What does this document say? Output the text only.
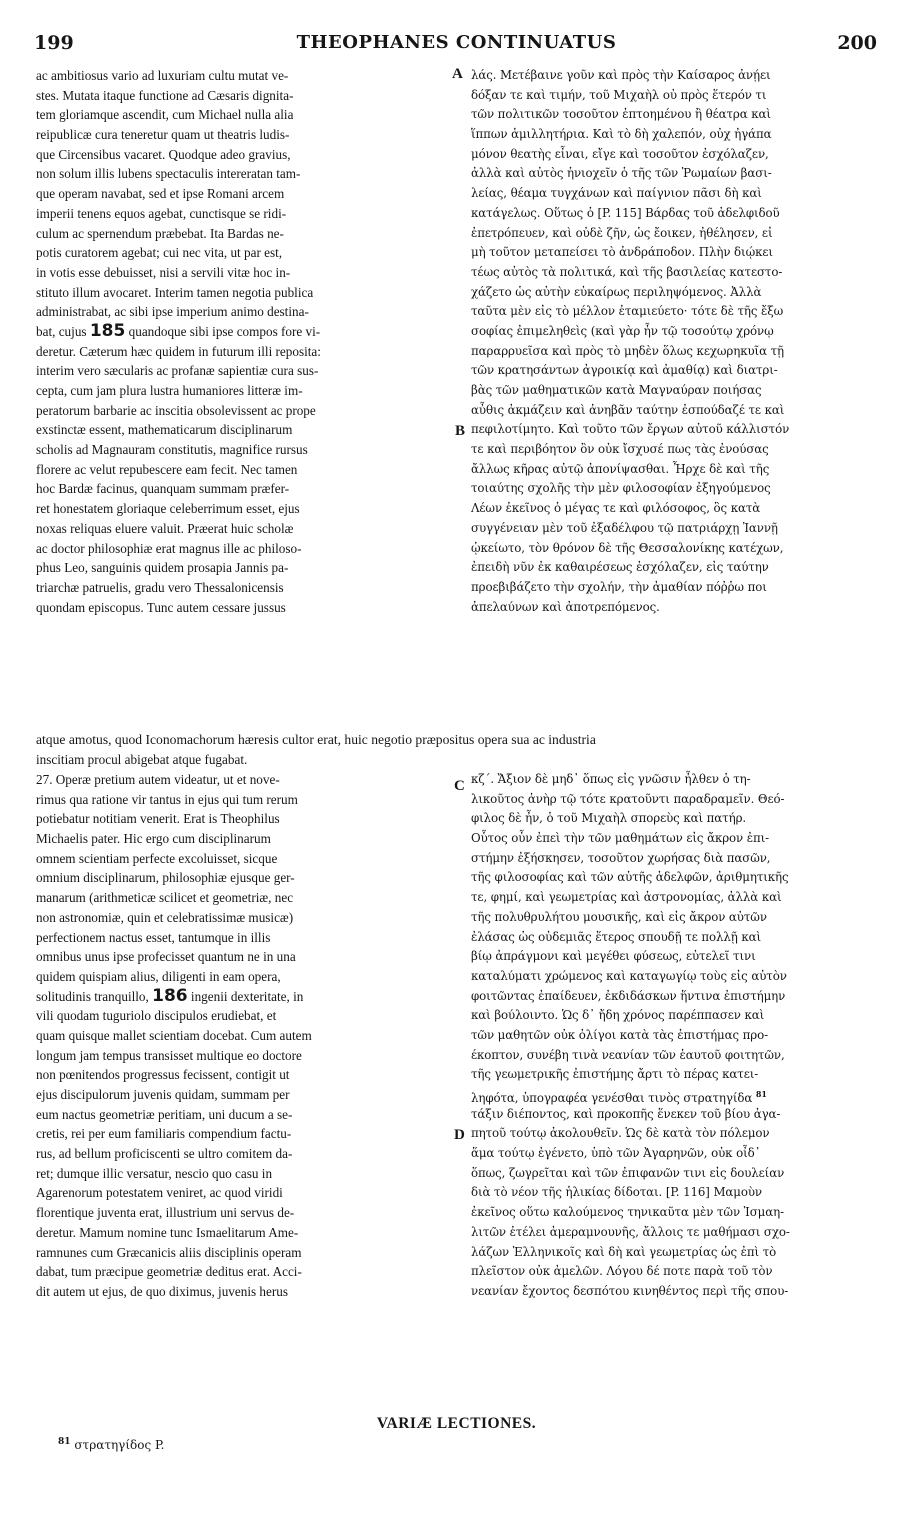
199	THEOPHANES CONTINUATUS	200
A
B
C
D
ac ambitiosus vario ad luxuriam cultu mutat ve-
stes. Mutata itaque functione ad Cæsaris dignita-
tem gloriamque ascendit, cum Michael nulla alia
reipublicæ cura teneretur quam ut theatris ludis-
que Circensibus vacaret. Quodque adeo gravius,
non solum illis lubens spectaculis intereratan tam-
que operam navabat, sed et ipse Romani arcem
imperii tenens equos agebat, cunctisque se ridi-
culum ac spernendum præbebat. Ita Bardas ne-
potis curatorem agebat; cui nec vita, ut par est,
in votis esse debuisset, nisi a servili vitæ hoc in-
stituto illum avocaret. Interim tamen negotia publica
administrabat, ac sibi ipse imperium animo destina-
bat, cujus 185 quandoque sibi ipse compos fore vi-
deretur. Cæterum hæc quidem in futurum illi reposita:
interim vero sæcularis ac profanæ sapientiæ cura sus-
cepta, cum jam plura lustra humaniores litteræ im-
peratorum barbarie ac inscitia obsolevissent ac prope
exstinctæ essent, mathematicarum disciplinarum
scholis ad Magnauram constitutis, magnifice rursus
florere ac velut repubescere eam fecit. Nec tamen
hoc Bardæ facinus, quanquam summam præfer-
ret honestatem gloriaque celeberrimum esset, ejus
noxas reliquas eluere valuit. Præerat huic scholæ
ac doctor philosophiæ erat magnus ille ac philoso-
phus Leo, sanguinis quidem prosapia Jannis pa-
triarchæ patruelis, gradu vero Thessalonicensis
quondam episcopus. Tunc autem cessare jussus
λάς. Μετέβαινε γοῦν καὶ πρὸς τὴν Καίσαρος ἀνῄει
δόξαν τε καὶ τιμήν, τοῦ Μιχαὴλ οὐ πρὸς ἕτερόν τι
τῶν πολιτικῶν τοσοῦτον ἐπτοημένου ἢ θέατρα καὶ
ἵππων ἁμιλλητήρια. Καὶ τὸ δὴ χαλεπόν, οὐχ ἠγάπα
μόνον θεατὴς εἶναι, εἴγε καὶ τοσοῦτον ἐσχόλαζεν,
ἀλλὰ καὶ αὐτὸς ἡνιοχεῖν ὁ τῆς τῶν Ῥωμαίων βασι-
λείας, θέαμα τυγχάνων καὶ παίγνιον πᾶσι δὴ καὶ
κατάγελως. Οὕτως ὁ [P. 115] Βάρδας τοῦ ἀδελφιδοῦ
ἐπετρόπευεν, καὶ οὐδὲ ζῆν, ὡς ἔοικεν, ἠθέλησεν, εἰ
μὴ τοῦτον μεταπείσει τὸ ἀνδράποδον. Πλὴν διῴκει
τέως αὐτὸς τὰ πολιτικά, καὶ τῆς βασιλείας κατεστο-
χάζετο ὡς αὐτὴν εὐκαίρως περιληψόμενος. Ἀλλὰ
ταῦτα μὲν εἰς τὸ μέλλον ἐταμιεύετο· τότε δὲ τῆς ἔξω
σοφίας ἐπιμεληθεὶς (καὶ γὰρ ἦν τῷ τοσούτῳ χρόνῳ
παραρρυεῖσα καὶ πρὸς τὸ μηδὲν ὅλως κεχωρηκυῖα τῇ
τῶν κρατησάντων ἀγροικίᾳ καὶ ἀμαθίᾳ) καὶ διατρι-
βὰς τῶν μαθηματικῶν κατὰ Μαγναύραν ποιήσας
αὖθις ἀκμάζειν καὶ ἀνηβᾶν ταύτην ἐσπούδαζέ τε καὶ
πεφιλοτίμητο. Καὶ τοῦτο τῶν ἔργων αὐτοῦ κάλλιστόν
τε καὶ περιβόητον ὂν οὐκ ἴσχυσέ πως τὰς ἐνούσας
ἄλλως κῆρας αὐτῷ ἀπονίψασθαι. Ἦρχε δὲ καὶ τῆς
τοιαύτης σχολῆς τὴν μὲν φιλοσοφίαν ἐξηγούμενος
Λέων ἐκεῖνος ὁ μέγας τε καὶ φιλόσοφος, ὃς κατὰ
συγγένειαν μὲν τοῦ ἐξαδέλφου τῷ πατριάρχῃ Ἰαννῇ
ᾠκείωτο, τὸν θρόνον δὲ τῆς Θεσσαλονίκης κατέχων,
ἐπειδὴ νῦν ἐκ καθαιρέσεως ἐσχόλαζεν, εἰς ταύτην
προεβιβάζετο τὴν σχολήν, τὴν ἀμαθίαν πόῤῥω ποι
ἀπελαύνων καὶ ἀποτρεπόμενος.
atque amotus, quod Iconomachorum hæresis cultor erat, huic negotio præpositus opera sua ac industria
inscitiam procul abigebat atque fugabat.
27. Operæ pretium autem videatur, ut et nove-
rimus qua ratione vir tantus in ejus qui tum rerum
potiebatur notitiam venerit. Erat is Theophilus
Michaelis pater. Hic ergo cum disciplinarum
omnem scientiam perfecte excoluisset, sicque
omnium disciplinarum, philosophiæ ejusque ger-
manarum (arithmeticæ scilicet et geometriæ, nec
non astronomiæ, quin et celebratissimæ musicæ)
perfectionem nactus esset, tantumque in illis
omnibus unus ipse profecisset quantum ne in una
quidem quispiam alius, diligenti in eam opera,
solitudinis tranquillo, 186 ingenii dexteritate, in
vili quodam tuguriolo discipulos erudiebat, et
quam quisque mallet scientiam docebat. Cum autem
longum jam tempus transisset multique eo doctore
non pœnitendos progressus fecissent, contigit ut
ejus discipulorum juvenis quidam, summam per
eum nactus geometriæ peritiam, uni ducum a se-
cretis, rei per eum familiaris compendium factu-
rus, ad bellum proficiscenti se ultro comitem da-
ret; dumque illic versatur, nescio quo casu in
Agarenorum potestatem veniret, ac quod viridi
florentique juventa erat, illustrium uni servus de-
deretur. Mamum nomine tunc Ismaelitarum Ame-
ramnunes cum Græcanicis aliis disciplinis operam
dabat, tum præcipue geometriæ deditus erat. Acci-
dit autem ut ejus, de quo diximus, juvenis herus
κζ΄. Ἄξιον δὲ μηδ᾽ ὅπως εἰς γνῶσιν ἦλθεν ὁ τη-
λικοῦτος ἀνὴρ τῷ τότε κρατοῦντι παραδραμεῖν. Θεό-
φιλος δὲ ἦν, ὁ τοῦ Μιχαὴλ σπορεὺς καὶ πατήρ.
Οὗτος οὖν ἐπεὶ τὴν τῶν μαθημάτων εἰς ἄκρον ἐπι-
στήμην ἐξήσκησεν, τοσοῦτον χωρήσας διὰ πασῶν,
τῆς φιλοσοφίας καὶ τῶν αὐτῆς ἀδελφῶν, ἀριθμητικῆς
τε, φημί, καὶ γεωμετρίας καὶ ἀστρονομίας, ἀλλὰ καὶ
τῆς πολυθρυλήτου μουσικῆς, καὶ εἰς ἄκρον αὐτῶν
ἐλάσας ὡς οὐδεμιᾶς ἕτερος σπουδῇ τε πολλῇ καὶ
βίῳ ἀπράγμονι καὶ μεγέθει φύσεως, εὐτελεῖ τινι
καταλύματι χρώμενος καὶ καταγωγίῳ τοὺς εἰς αὐτὸν
φοιτῶντας ἐπαίδευεν, ἐκδιδάσκων ἥντινα ἐπιστήμην
καὶ βούλοιντο. Ὡς δ᾽ ἤδη χρόνος παρέππασεν καὶ
τῶν μαθητῶν οὐκ ὀλίγοι κατὰ τὰς ἐπιστήμας προ-
έκοπτον, συνέβη τινὰ νεανίαν τῶν ἑαυτοῦ φοιτητῶν,
τῆς γεωμετρικῆς ἐπιστήμης ἄρτι τὸ πέρας κατει-
ληφότα, ὑπογραφέα γενέσθαι τινὸς στρατηγίδα $^{81}$
τάξιν διέποντος, καὶ προκοπῆς ἕνεκεν τοῦ βίου ἀγα-
πητοῦ τούτῳ ἀκολουθεῖν. Ὡς δὲ κατὰ τὸν πόλεμον
ἅμα τούτῳ ἐγένετο, ὑπὸ τῶν Ἀγαρηνῶν, οὐκ οἶδ᾽
ὅπως, ζωγρεῖται καὶ τῶν ἐπιφανῶν τινι εἰς δουλείαν
διὰ τὸ νέον τῆς ἡλικίας δίδοται. [P. 116] Μαμοὺν
ἐκεῖνος οὕτω καλούμενος τηνικαῦτα μὲν τῶν Ἰσμαη-
λιτῶν ἐτέλει ἀμεραμνουνῆς, ἄλλοις τε μαθήμασι σχο-
λάζων Ἑλληνικοῖς καὶ δὴ καὶ γεωμετρίας ὡς ἐπὶ τὸ
πλεῖστον οὐκ ἀμελῶν. Λόγου δέ ποτε παρὰ τοῦ τὸν
νεανίαν ἔχοντος δεσπότου κινηθέντος περὶ τῆς σπου-
VARIÆ LECTIONES.
$^{81}$ στρατηγίδος P.
